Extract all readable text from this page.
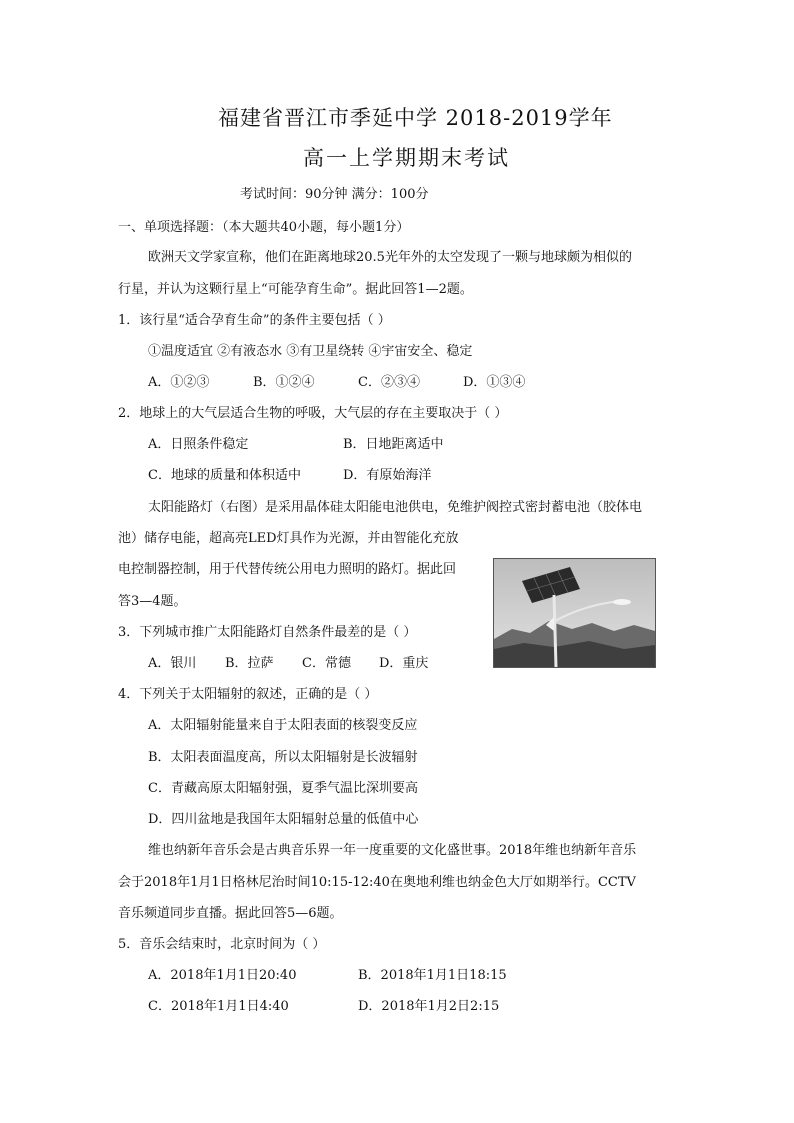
福建省晋江市季延中学 2018-2019学年
高一上学期期末考试
考试时间：90分钟 满分：100分
一、单项选择题：（本大题共40小题，每小题1分）
欧洲天文学家宣称，他们在距离地球20.5光年外的太空发现了一颗与地球颇为相似的
行星，并认为这颗行星上“可能孕育生命”。据此回答1—2题。
1．该行星“适合孕育生命”的条件主要包括（ ）
①温度适宜 ②有液态水 ③有卫星绕转 ④宇宙安全、稳定
A．①②③	B．①②④	C．②③④	D．①③④
2．地球上的大气层适合生物的呼吸，大气层的存在主要取决于（ ）
A．日照条件稳定	B．日地距离适中
C．地球的质量和体积适中	D．有原始海洋
太阳能路灯（右图）是采用晶体硅太阳能电池供电，免维护阀控式密封蓄电池（胶体电
池）储存电能，超高亮LED灯具作为光源，并由智能化充放
电控制器控制，用于代替传统公用电力照明的路灯。据此回
答3—4题。
3．下列城市推广太阳能路灯自然条件最差的是（ ）
A．银川 B．拉萨 C．常德 D．重庆
4．下列关于太阳辐射的叙述，正确的是（ ）
A．太阳辐射能量来自于太阳表面的核裂变反应
B．太阳表面温度高，所以太阳辐射是长波辐射
C．青藏高原太阳辐射强，夏季气温比深圳要高
D．四川盆地是我国年太阳辐射总量的低值中心
维也纳新年音乐会是古典音乐界一年一度重要的文化盛世事。2018年维也纳新年音乐
会于2018年1月1日格林尼治时间10:15-12:40在奥地利维也纳金色大厅如期举行。CCTV
音乐频道同步直播。据此回答5—6题。
5．音乐会结束时，北京时间为（ ）
A．2018年1月1日20:40	B．2018年1月1日18:15
C．2018年1月1日4:40	D．2018年1月2日2:15
